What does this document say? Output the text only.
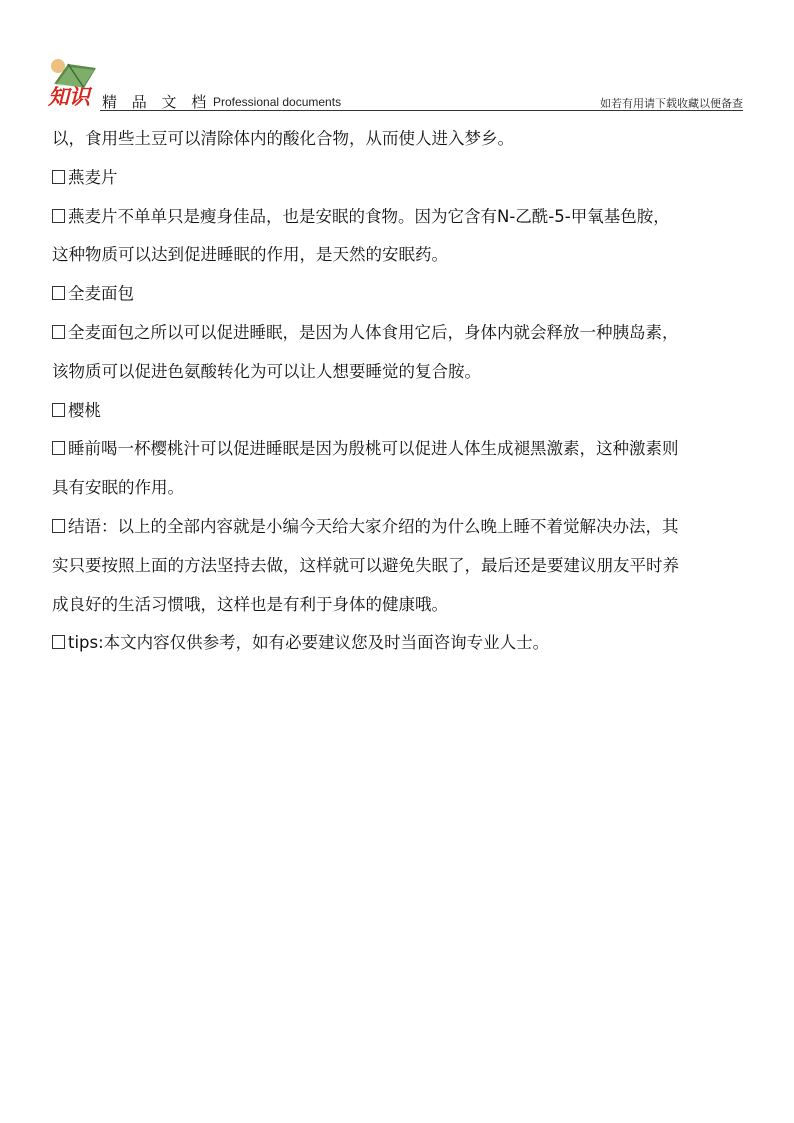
知识 精 品 文 档 Professional documents	如若有用请下载收藏以便备查

以，食用些土豆可以清除体内的酸化合物，从而使人进入梦乡。

燕麦片

燕麦片不单单只是瘦身佳品，也是安眠的食物。因为它含有N-乙酰-5-甲氧基色胺，

这种物质可以达到促进睡眠的作用，是天然的安眠药。

全麦面包

全麦面包之所以可以促进睡眠，是因为人体食用它后，身体内就会释放一种胰岛素，

该物质可以促进色氨酸转化为可以让人想要睡觉的复合胺。

樱桃

睡前喝一杯樱桃汁可以促进睡眠是因为殷桃可以促进人体生成褪黑激素，这种激素则

具有安眠的作用。

结语：以上的全部内容就是小编今天给大家介绍的为什么晚上睡不着觉解决办法，其

实只要按照上面的方法坚持去做，这样就可以避免失眠了，最后还是要建议朋友平时养

成良好的生活习惯哦，这样也是有利于身体的健康哦。

tips:本文内容仅供参考，如有必要建议您及时当面咨询专业人士。
